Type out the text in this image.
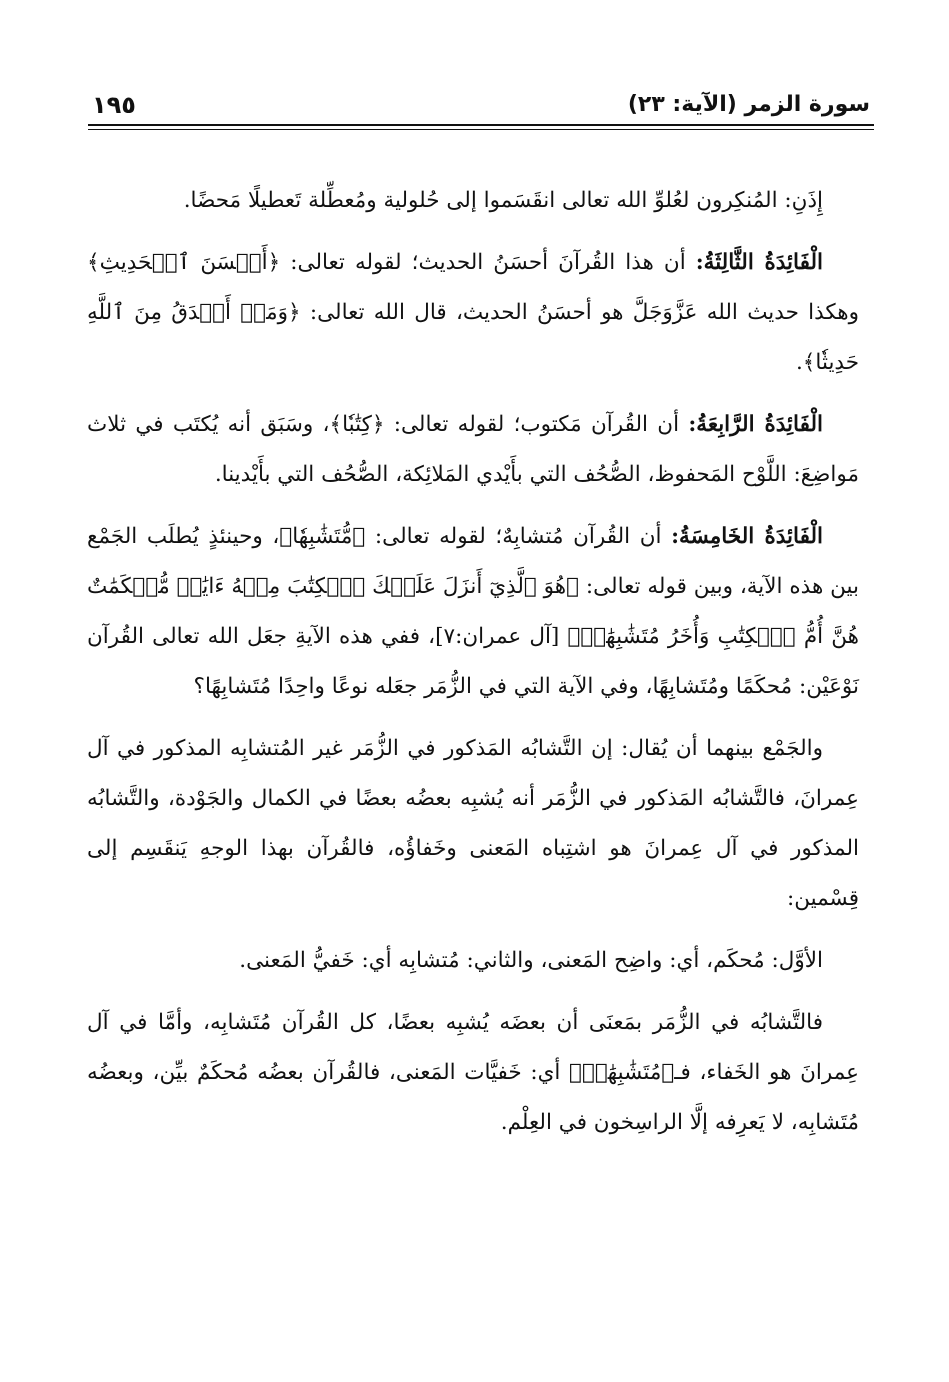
سورة الزمر (الآية: ٢٣)
١٩٥

إِذَنِ: المُنكِرون لعُلوِّ الله تعالى انقَسَموا إلى حُلولية ومُعطِّلة تَعطيلًا مَحضًا.

الْفَائِدَةُ الثَّالِثَةُ: أن هذا القُرآنَ أحسَنُ الحديث؛ لقوله تعالى: ﴿أَحۡسَنَ ٱلۡحَدِيثِ﴾ وهكذا حديث الله عَزَّوَجَلَّ هو أحسَنُ الحديث، قال الله تعالى: ﴿وَمَنۡ أَصۡدَقُ مِنَ ٱللَّهِ حَدِيثٗا﴾.

الْفَائِدَةُ الرَّابِعَةُ: أن القُرآن مَكتوب؛ لقوله تعالى: ﴿كِتَٰبٗا﴾، وسَبَق أنه يُكتَب في ثلاث مَواضِعَ: اللَّوْح المَحفوظ، الصُّحُف التي بأَيْدي المَلائِكة، الصُّحُف التي بأَيْدينا.

الْفَائِدَةُ الخَامِسَةُ: أن القُرآن مُتشابِهٌ؛ لقوله تعالى: ﴿مُّتَشَٰبِهٗا﴾، وحينئذٍ يُطلَب الجَمْع بين هذه الآية، وبين قوله تعالى: ﴿هُوَ ٱلَّذِيٓ أَنزَلَ عَلَيۡكَ ٱلۡكِتَٰبَ مِنۡهُ ءَايَٰتٞ مُّحۡكَمَٰتٌ هُنَّ أُمُّ ٱلۡكِتَٰبِ وَأُخَرُ مُتَشَٰبِهَٰتٞ﴾ [آل عمران:٧]، ففي هذه الآيةِ جعَل الله تعالى القُرآن نَوْعَيْن: مُحكَمًا ومُتَشابِهًا، وفي الآية التي في الزُّمَر جعَله نوعًا واحِدًا مُتَشابِهًا؟

والجَمْع بينهما أن يُقال: إن التَّشابُه المَذكور في الزُّمَر غير المُتشابِه المذكور في آل عِمرانَ، فالتَّشابُه المَذكور في الزُّمَر أنه يُشبِه بعضُه بعضًا في الكمال والجَوْدة، والتَّشابُه المذكور في آل عِمرانَ هو اشتِباه المَعنى وخَفاؤُه، فالقُرآن بهذا الوجهِ يَنقَسِم إلى قِسْمين:

الأوَّل: مُحكَم، أي: واضِح المَعنى، والثاني: مُتشابِه أي: خَفيُّ المَعنى.

فالتَّشابُه في الزُّمَر بمَعنَى أن بعضَه يُشبِه بعضًا، كل القُرآن مُتَشابِه، وأمَّا في آل عِمرانَ هو الخَفاء، فـ﴿مُتَشَٰبِهَٰتٞ﴾ أي: خَفيَّات المَعنى، فالقُرآن بعضُه مُحكَمٌ بيِّن، وبعضُه مُتَشابِه، لا يَعرِفه إلَّا الراسِخون في العِلْم.
